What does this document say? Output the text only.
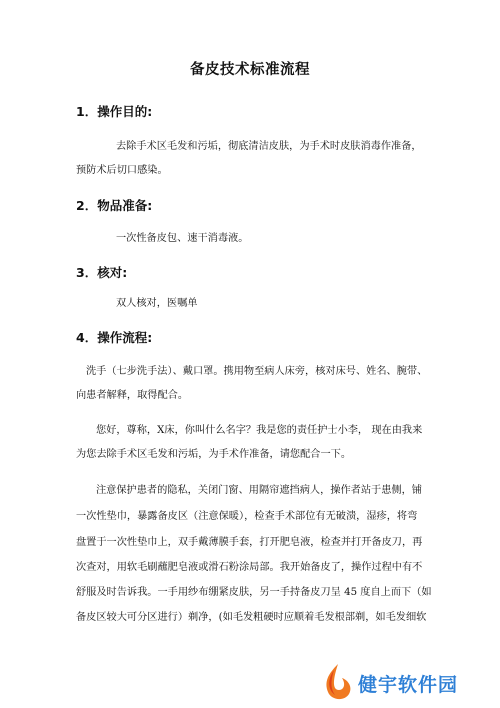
备皮技术标准流程
1．操作目的:
去除手术区毛发和污垢，彻底清洁皮肤，为手术时皮肤消毒作准备，
预防术后切口感染。
2．物品准备:
一次性备皮包、速干消毒液。
3．核对:
双人核对，医嘱单
4．操作流程:
洗手（七步洗手法）、戴口罩。携用物至病人床旁，核对床号、姓名、腕带、
向患者解释，取得配合。
您好，尊称，X床，你叫什么名字？我是您的责任护士小李， 现在由我来
为您去除手术区毛发和污垢，为手术作准备，请您配合一下。
注意保护患者的隐私，关闭门窗、用隔帘遮挡病人，操作者站于患侧，铺
一次性垫巾，暴露备皮区（注意保暖），检查手术部位有无破溃，湿疹，将弯
盘置于一次性垫巾上，双手戴薄膜手套，打开肥皂液，检查并打开备皮刀，再
次查对，用软毛刷蘸肥皂液或滑石粉涂局部。我开始备皮了，操作过程中有不
舒服及时告诉我。一手用纱布绷紧皮肤，另一手持备皮刀呈 45 度自上而下（如
备皮区较大可分区进行）剃净，(如毛发粗硬时应顺着毛发根部剃，如毛发细软
健宇软件园
